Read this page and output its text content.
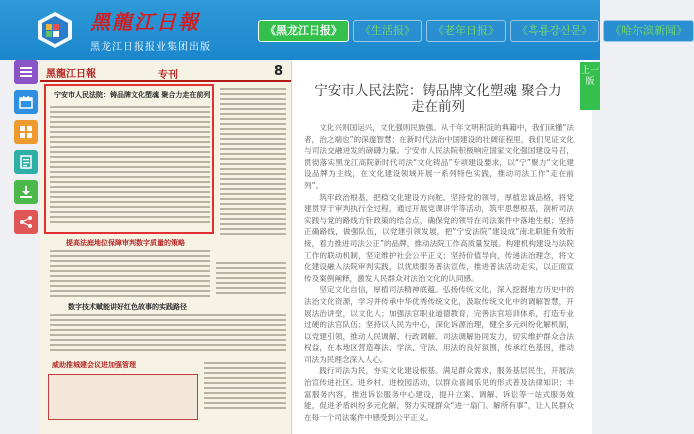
黑龍江日報
黑龙江日报报业集团出版
《黑龙江日报》	《生活报》	《老年日报》	《흑룡강신문》	《哈尔滨新闻》
黑龍江日報	专刊	8
宁安市人民法院：铸品牌文化塑魂 聚合力走在前列
提高法庭地位保障审判数字质量的策略
数字技术赋能讲好红色故事的实践路径
威助推城建会议进加强管理
宁安市人民法院：铸品牌文化塑魂 聚合力走在前列

文化兴则国运兴，文化强则民族强。从千年文明积淀的典籍中，我们读懂“法者，治之端也”的深邃智慧；在新时代法治中国建设的壮阔征程里，我们见证文化与司法交融迸发的磅礴力量。宁安市人民法院积极响应国家文化强国建设号召，贯彻落实黑龙江高院新时代司法“文化铸品”专项建设要求，以“宁”聚力“文化建设品牌为主线，在文化建设领域开展一系列特色实践，推动司法工作“走在前列”。

筑牢政治根基，把稳文化建设方向舵。坚持党的领导，厚植忠诚品格，将党建贯穿于审判执行全过程，通过开展党课讲学等活动，筑牢思想根基，剖析司法实践与党的路线方针政策的结合点，确保党的领导在司法案件中落地生根；坚持正确路线，做强队伍，以党建引领发展，把“宁安法院”建设成“南北职能有效衔接，着力推进司法公正”的品牌，推动法院工作高质量发展。构建机构建设与法院工作的联动机制，坚定维护社会公平正义；坚持价值导向，传递法治理念，将文化建设融入法院审判实践，以优质服务普法宣传，推进普法活动走实，以正面宣传及案例阐释，激发人民群众对法治文化的认同感。

坚定文化自信，厚植司法精神底蕴。弘扬传统文化，深入挖掘地方历史中的法治文化资源，学习并传承中华优秀传统文化，汲取传统文化中的调解智慧，开展法治讲堂，以文化人；加强法官职业道德教育，完善法官培训体系，打造专业过硬的法官队伍；坚持以人民为中心，深化诉源治理，健全多元纠纷化解机制，以党建引领，推动人民调解、行政调解、司法调解协同发力，切实维护群众合法权益，在本地区营造尊法、学法、守法、用法的良好氛围，传承红色基因，推动司法为民理念深入人心。

践行司法为民，夯实文化建设根基。满足群众需求，服务基层民生，开展法治宣传进社区、进乡村、进校园活动，以群众喜闻乐见的形式普及法律知识；丰富服务内容，推进诉讼服务中心建设，提升立案、调解、诉讼等一站式服务效能，促进矛盾纠纷多元化解，努力实现群众“进一扇门、解所有事”，让人民群众在每一个司法案件中感受到公平正义。

上一版
